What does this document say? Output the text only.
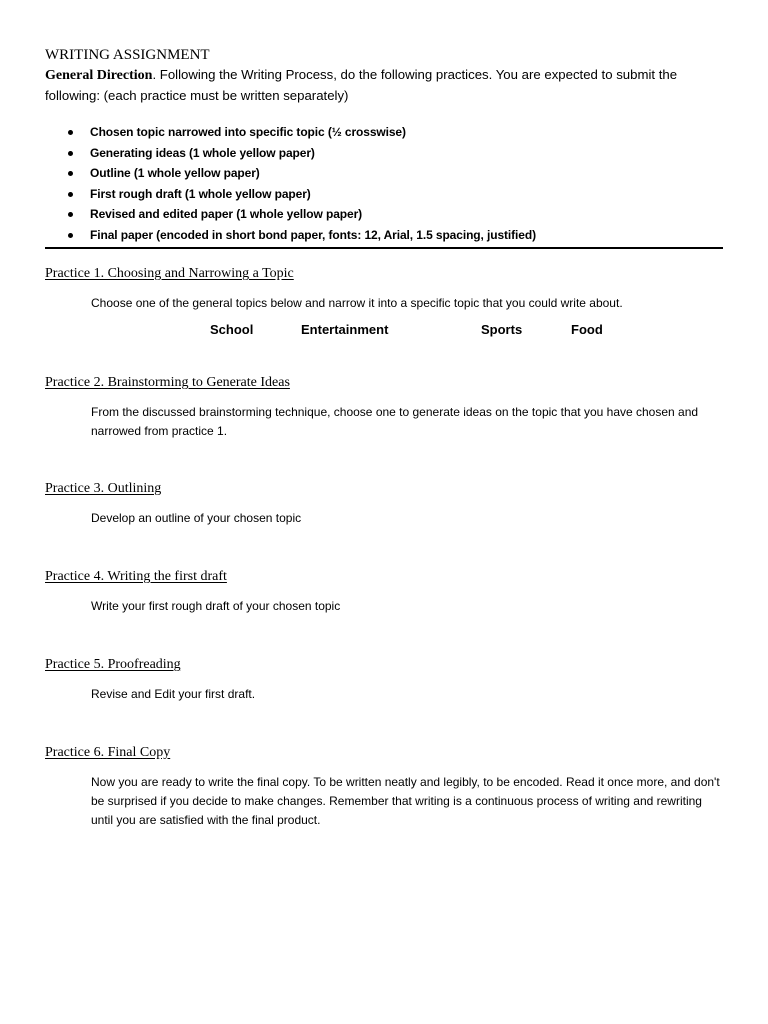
WRITING ASSIGNMENT

General Direction. Following the Writing Process, do the following practices. You are expected to submit the following: (each practice must be written separately)

Chosen topic narrowed into specific topic (½ crosswise)
Generating ideas (1 whole yellow paper)
Outline (1 whole yellow paper)
First rough draft (1 whole yellow paper)
Revised and edited paper (1 whole yellow paper)
Final paper (encoded in short bond paper, fonts: 12, Arial, 1.5 spacing, justified)
Practice 1. Choosing and Narrowing a Topic

Choose one of the general topics below and narrow it into a specific topic that you could write about.

School	Entertainment	Sports	Food
Practice 2. Brainstorming to Generate Ideas

From the discussed brainstorming technique, choose one to generate ideas on the topic that you have chosen and narrowed from practice 1.

Practice 3. Outlining

Develop an outline of your chosen topic

Practice 4. Writing the first draft

Write your first rough draft of your chosen topic

Practice 5. Proofreading

Revise and Edit your first draft.

Practice 6. Final Copy

Now you are ready to write the final copy. To be written neatly and legibly, to be encoded. Read it once more, and don't be surprised if you decide to make changes. Remember that writing is a continuous process of writing and rewriting until you are satisfied with the final product.
